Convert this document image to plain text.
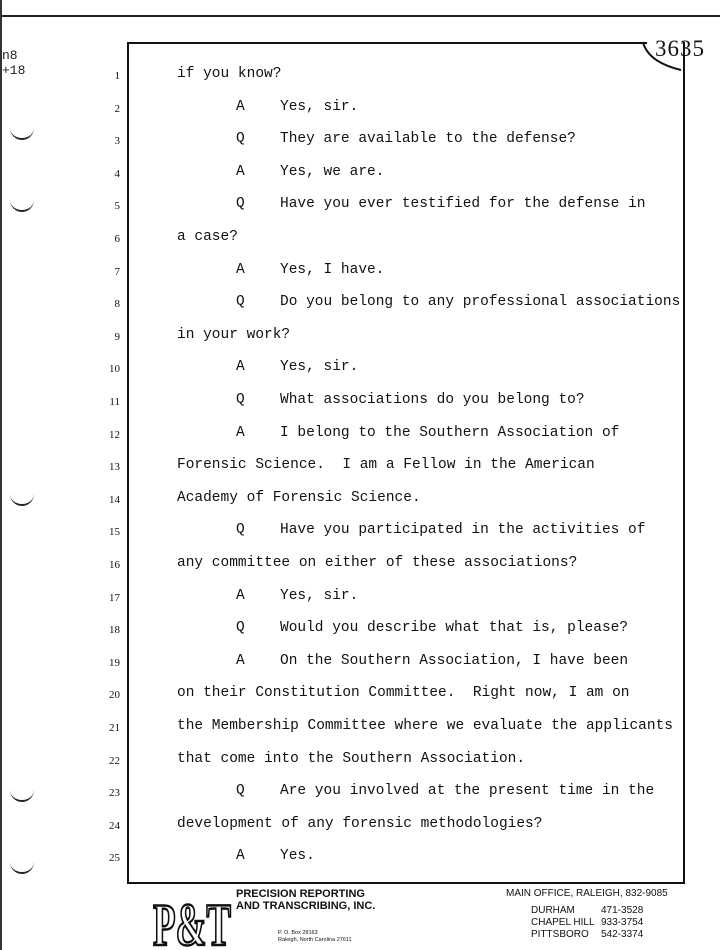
n8
+18
3635
1	if you know?
2	A Yes, sir.
3	Q They are available to the defense?
4	A Yes, we are.
5	Q Have you ever testified for the defense in
6	a case?
7	A Yes, I have.
8	Q Do you belong to any professional associations
9	in your work?
10	A Yes, sir.
11	Q What associations do you belong to?
12	A I belong to the Southern Association of
13	Forensic Science.  I am a Fellow in the American
14	Academy of Forensic Science.
15	Q Have you participated in the activities of
16	any committee on either of these associations?
17	A Yes, sir.
18	Q Would you describe what that is, please?
19	A On the Southern Association, I have been
20	on their Constitution Committee.  Right now, I am on
21	the Membership Committee where we evaluate the applicants
22	that come into the Southern Association.
23	Q Are you involved at the present time in the
24	development of any forensic methodologies?
25	A Yes.
P&T PRECISION REPORTING
AND TRANSCRIBING, INC.
P. O. Box 28163
Raleigh, North Carolina 27611
MAIN OFFICE, RALEIGH, 832-9085
DURHAM	471-3528
CHAPEL HILL 933-3754
PITTSBORO 542-3374
